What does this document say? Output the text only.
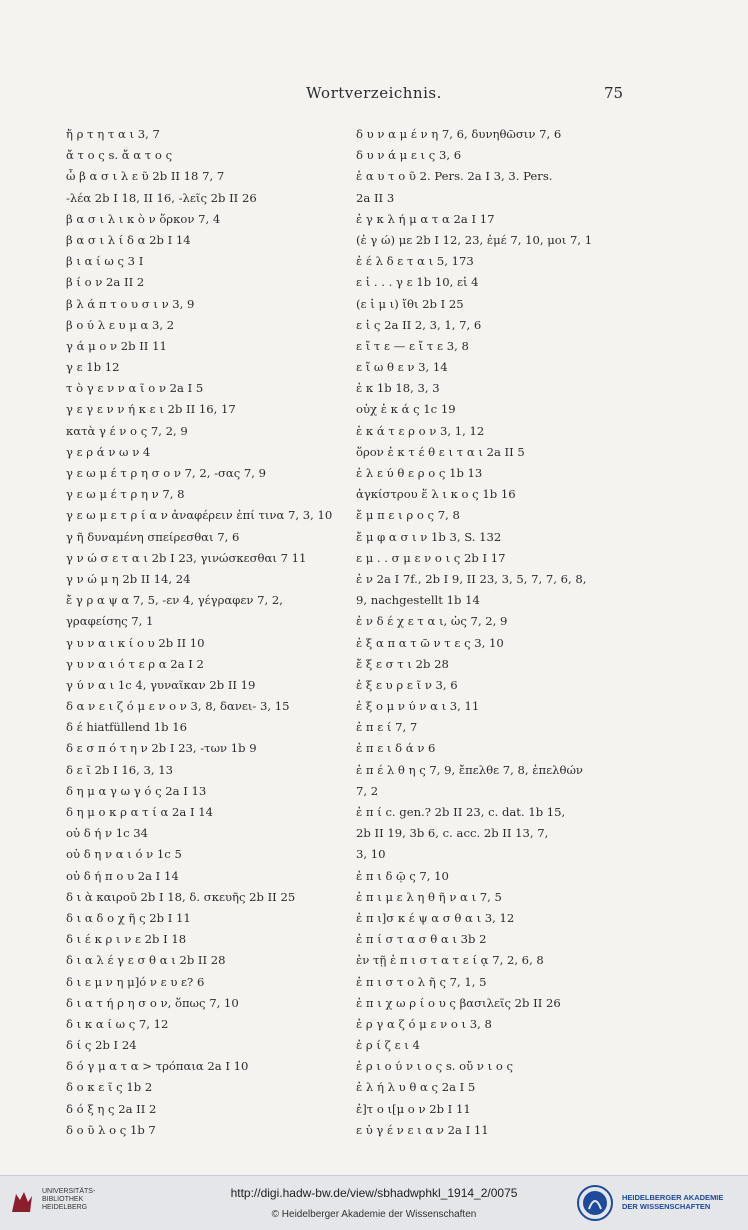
Wortverzeichnis.	75
ἤ ρ τ η τ α ι 3, 7
ἄ τ ο ς s. ἄ α τ ο ς
ὦ β α σ ι λ ε ῦ 2b II 18 7, 7
-λέα 2b I 18, II 16, -λεῖς 2b II 26
β α σ ι λ ι κ ὸ ν ὅρκον 7, 4
β α σ ι λ ί δ α 2b I 14
β ι α ί ω ς 3 I
β ί ο ν 2a II 2
β λ ά π τ ο υ σ ι ν 3, 9
β ο ύ λ ε υ μ α 3, 2
γ ά μ ο ν 2b II 11
γ ε 1b 12
τ ὸ γ ε ν ν α ῖ ο ν 2a I 5
γ ε γ ε ν ν ή κ ε ι 2b II 16, 17
κατὰ γ έ ν ο ς 7, 2, 9
γ ε ρ ά ν ω ν 4
γ ε ω μ έ τ ρ η σ ο ν 7, 2, -σας 7, 9
γ ε ω μ έ τ ρ η ν 7, 8
γ ε ω μ ε τ ρ ί α ν ἀναφέρειν ἐπί τινα 7, 3, 10
γ ῆ δυναμένη σπείρεσθαι 7, 6
γ ν ώ σ ε τ α ι 2b I 23, γινώσκεσθαι 7 11
γ ν ώ μ η 2b II 14, 24
ἔ γ ρ α ψ α 7, 5, -εν 4, γέγραφεν 7, 2,
γραφείσης 7, 1
γ υ ν α ι κ ί ο υ 2b II 10
γ υ ν α ι ό τ ε ρ α 2a I 2
γ ύ ν α ι 1c 4, γυναῖκαν 2b II 19
δ α ν ε ι ζ ό μ ε ν ο ν 3, 8, δανει- 3, 15
δ έ hiatfüllend 1b 16
δ ε σ π ό τ η ν 2b I 23, -των 1b 9
δ ε ῖ 2b I 16, 3, 13
δ η μ α γ ω γ ό ς 2a I 13
δ η μ ο κ ρ α τ ί α 2a I 14
οὐ δ ή ν 1c 34
οὐ δ η ν α ι ό ν 1c 5
οὐ δ ή π ο υ 2a I 14
δ ι ὰ καιροῦ 2b I 18, δ. σκευῆς 2b II 25
δ ι α δ ο χ ῆ ς 2b I 11
δ ι έ κ ρ ι ν ε 2b I 18
δ ι α λ έ γ ε σ θ α ι 2b II 28
δ ι ε μ ν η μ]ό ν ε υ ε? 6
δ ι α τ ή ρ η σ ο ν, ὅπως 7, 10
δ ι κ α ί ω ς 7, 12
δ ί ς 2b I 24
δ ό γ μ α τ α > τρόπαια 2a I 10
δ ο κ ε ῖ ς 1b 2
δ ό ξ η ς 2a II 2
δ ο ῦ λ ο ς 1b 7
δ υ ν α μ έ ν η 7, 6, δυνηθῶσιν 7, 6
δ υ ν ά μ ε ι ς 3, 6
ἑ α υ τ ο ῦ 2. Pers. 2a I 3, 3. Pers.
2a II 3
ἐ γ κ λ ή μ α τ α 2a I 17
(ἐ γ ώ) με 2b I 12, 23, ἐμέ 7, 10, μοι 7, 1
ἐ έ λ δ ε τ α ι 5, 173
ε ἰ . . . γ ε 1b 10, εἰ 4
(ε ἰ μ ι) ἴθι 2b I 25
ε ἰ ς 2a II 2, 3, 1, 7, 6
ε ἴ τ ε — ε ἴ τ ε 3, 8
ε ἴ ω θ ε ν 3, 14
ἐ κ 1b 18, 3, 3
οὐχ ἑ κ ά ς 1c 19
ἑ κ ά τ ε ρ ο ν 3, 1, 12
ὅρον ἐ κ τ έ θ ε ι τ α ι 2a II 5
ἐ λ ε ύ θ ε ρ ο ς 1b 13
ἀγκίστρου ἕ λ ι κ ο ς 1b 16
ἔ μ π ε ι ρ ο ς 7, 8
ἔ μ φ α σ ι ν 1b 3, S. 132
ε μ . . σ μ ε ν ο ι ς 2b I 17
ἐ ν 2a I 7f., 2b I 9, II 23, 3, 5, 7, 7, 6, 8,
9, nachgestellt 1b 14
ἐ ν δ έ χ ε τ α ι, ὡς 7, 2, 9
ἐ ξ α π α τ ῶ ν τ ε ς 3, 10
ἔ ξ ε σ τ ι 2b 28
ἐ ξ ε υ ρ ε ῖ ν 3, 6
ἐ ξ ο μ ν ύ ν α ι 3, 11
ἐ π ε ί 7, 7
ἐ π ε ι δ ά ν 6
ἐ π έ λ θ η ς 7, 9, ἔπελθε 7, 8, ἐπελθών
7, 2
ἐ π ί c. gen.? 2b II 23, c. dat. 1b 15,
2b II 19, 3b 6, c. acc. 2b II 13, 7,
3, 10
ἐ π ι δ ῷ ς 7, 10
ἐ π ι μ ε λ η θ ῆ ν α ι 7, 5
ἐ π ι]σ κ έ ψ α σ θ α ι 3, 12
ἐ π ί σ τ α σ θ α ι 3b 2
ἐν τῇ ἐ π ι σ τ α τ ε ί ᾳ 7, 2, 6, 8
ἐ π ι σ τ ο λ ῆ ς 7, 1, 5
ἐ π ι χ ω ρ ί ο υ ς βασιλεῖς 2b II 26
ἐ ρ γ α ζ ό μ ε ν ο ι 3, 8
ἐ ρ ί ζ ε ι 4
ἐ ρ ι ο ύ ν ι ο ς s. οὔ ν ι ο ς
ἐ λ ή λ υ θ α ς 2a I 5
ἐ]τ ο ι[μ ο ν 2b I 11
ε ὐ γ έ ν ε ι α ν 2a I 11
UNIVERSITÄTS-
BIBLIOTHEK
HEIDELBERG
http://digi.hadw-bw.de/view/sbhadwphkl_1914_2/0075
© Heidelberger Akademie der Wissenschaften
HEIDELBERGER AKADEMIE
DER WISSENSCHAFTEN
